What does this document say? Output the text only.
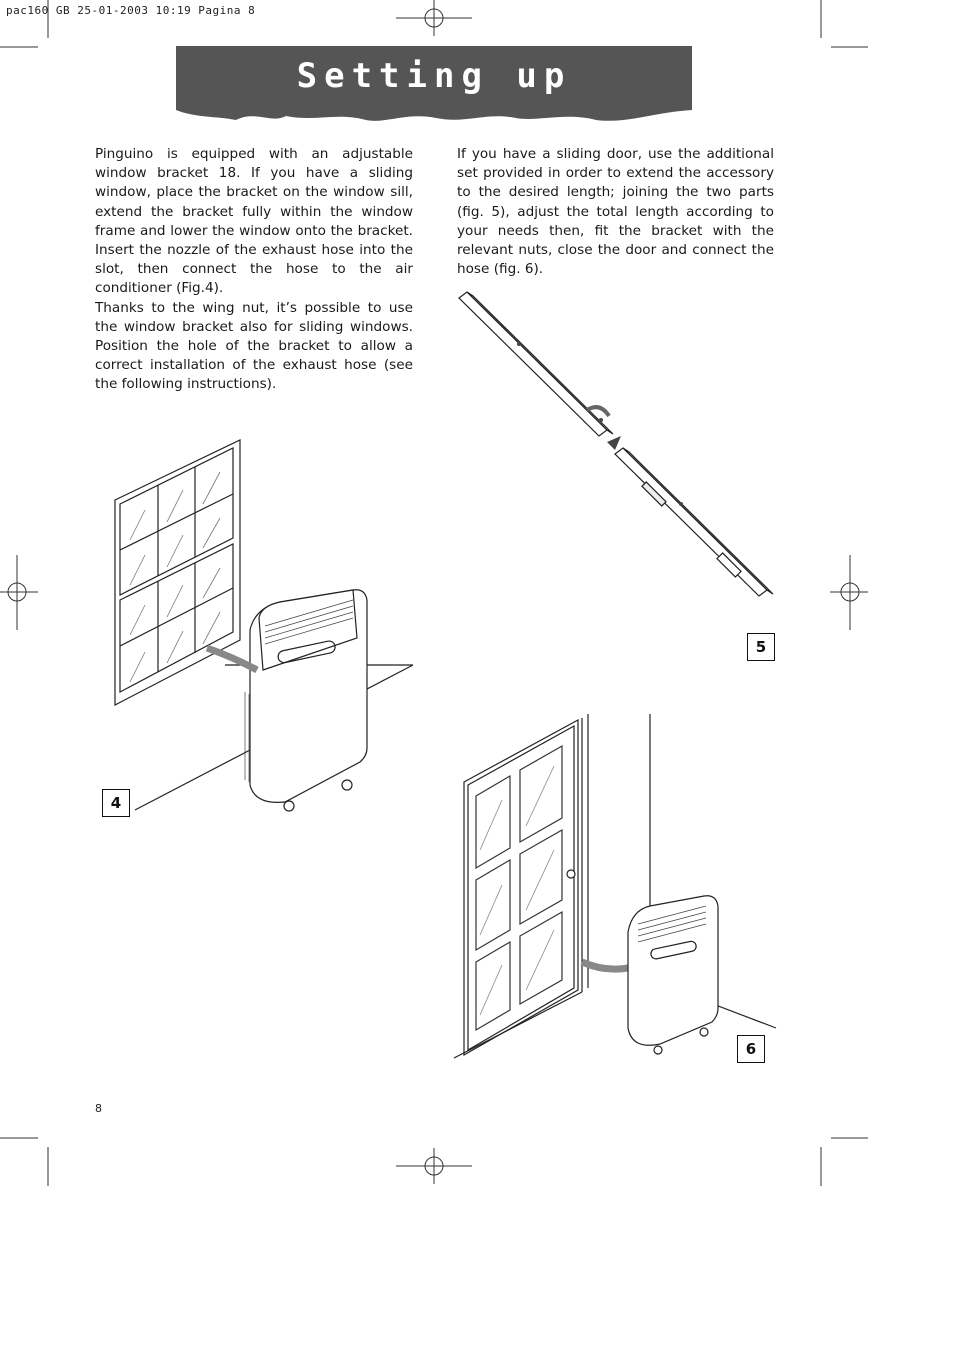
pac160 GB 25-01-2003 10:19 Pagina 8
Setting up

Pinguino is equipped with an adjustable window bracket 18. If you have a sliding window, place the bracket on the window sill, extend the bracket fully within the window frame and lower the window onto the bracket. Insert the nozzle of the exhaust hose into the slot, then connect the hose to the air conditioner (Fig.4).

Thanks to the wing nut, it’s possible to use the window bracket also for sliding windows. Position the hole of the bracket to allow a correct installation of the exhaust hose (see the following instructions).

If you have a sliding door, use the additional set provided in order to extend the accessory to the desired length; joining the two parts (fig. 5), adjust the total length according to your needs then, fit the bracket with the relevant nuts, close the door and connect the hose (fig. 6).

4
5
6
8
